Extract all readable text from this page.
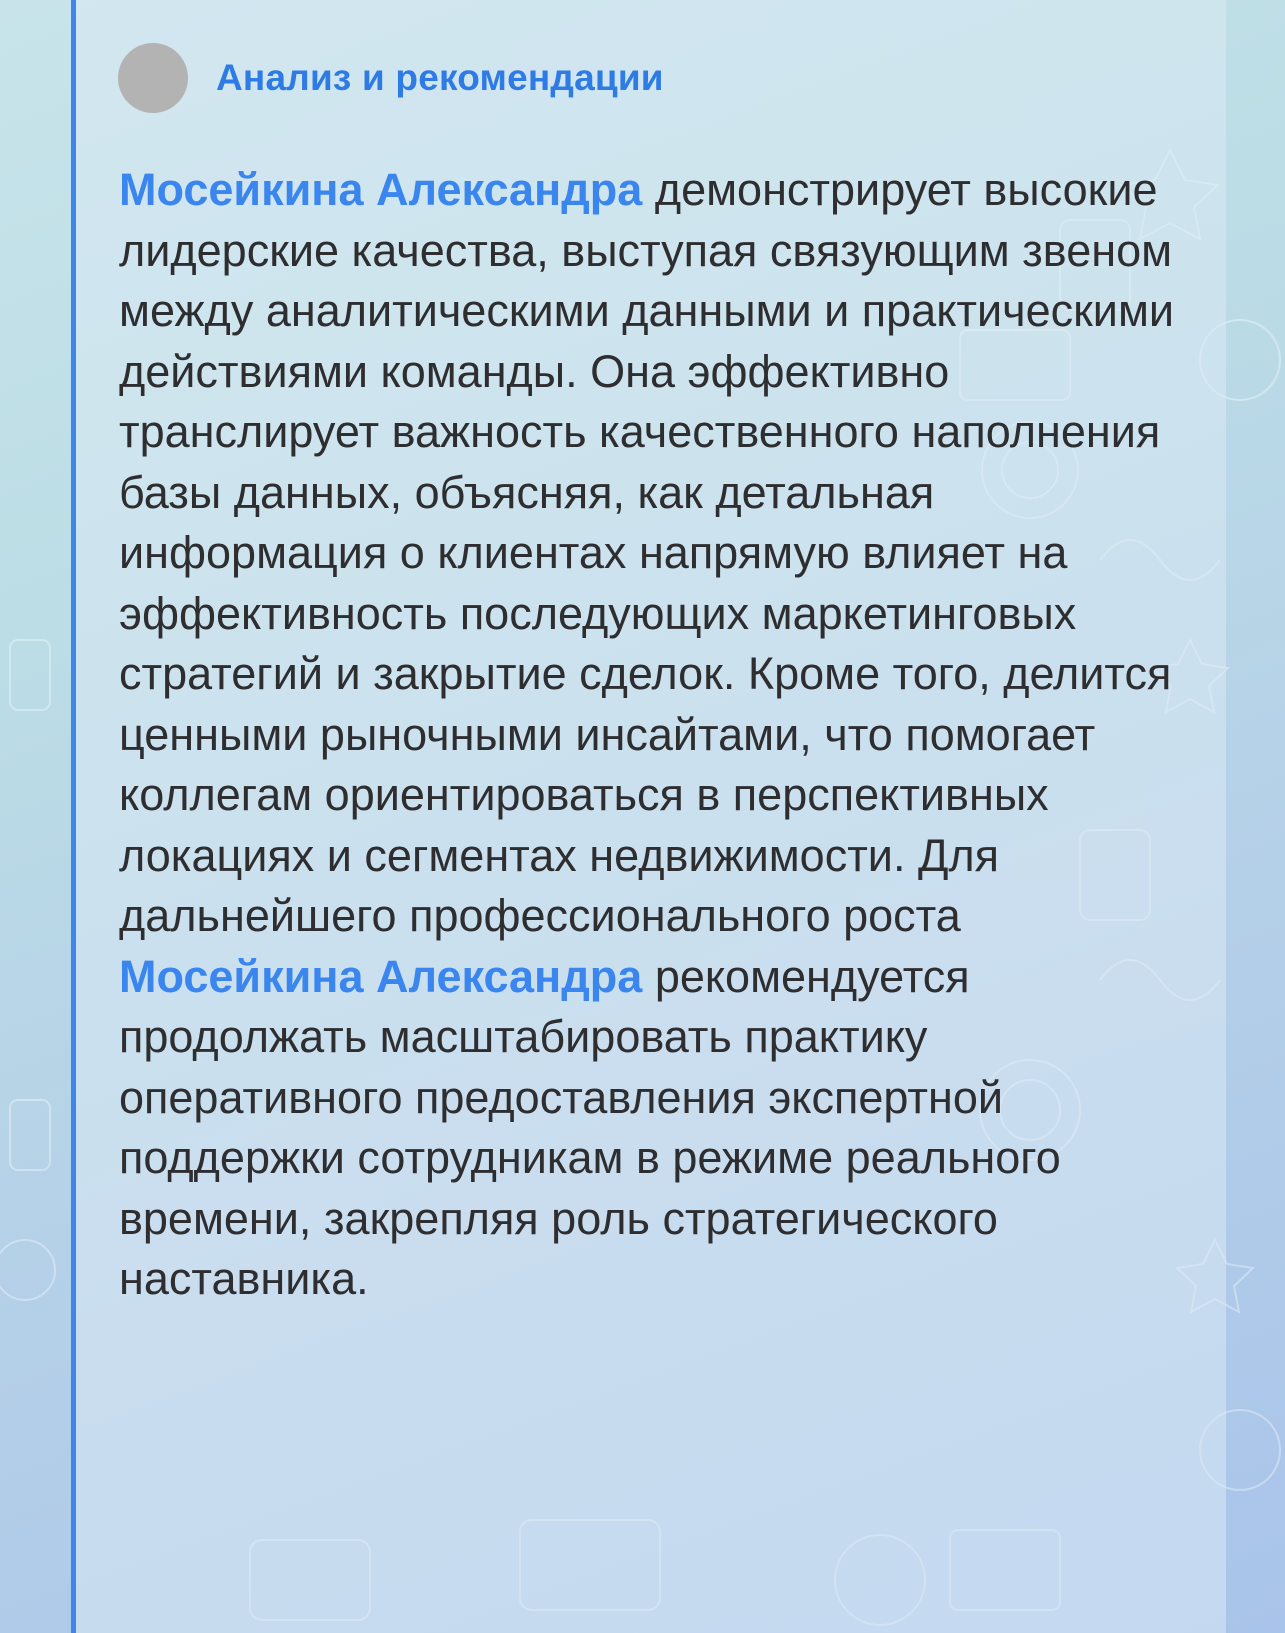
Анализ и рекомендации

Мосейкина Александра демонстрирует высокие лидерские качества, выступая связующим звеном между аналитическими данными и практическими действиями команды. Она эффективно транслирует важность качественного наполнения базы данных, объясняя, как детальная информация о клиентах напрямую влияет на эффективность последующих маркетинговых стратегий и закрытие сделок. Кроме того, делится ценными рыночными инсайтами, что помогает коллегам ориентироваться в перспективных локациях и сегментах недвижимости. Для дальнейшего профессионального роста Мосейкина Александра рекомендуется продолжать масштабировать практику оперативного предоставления экспертной поддержки сотрудникам в режиме реального времени, закрепляя роль стратегического наставника.
